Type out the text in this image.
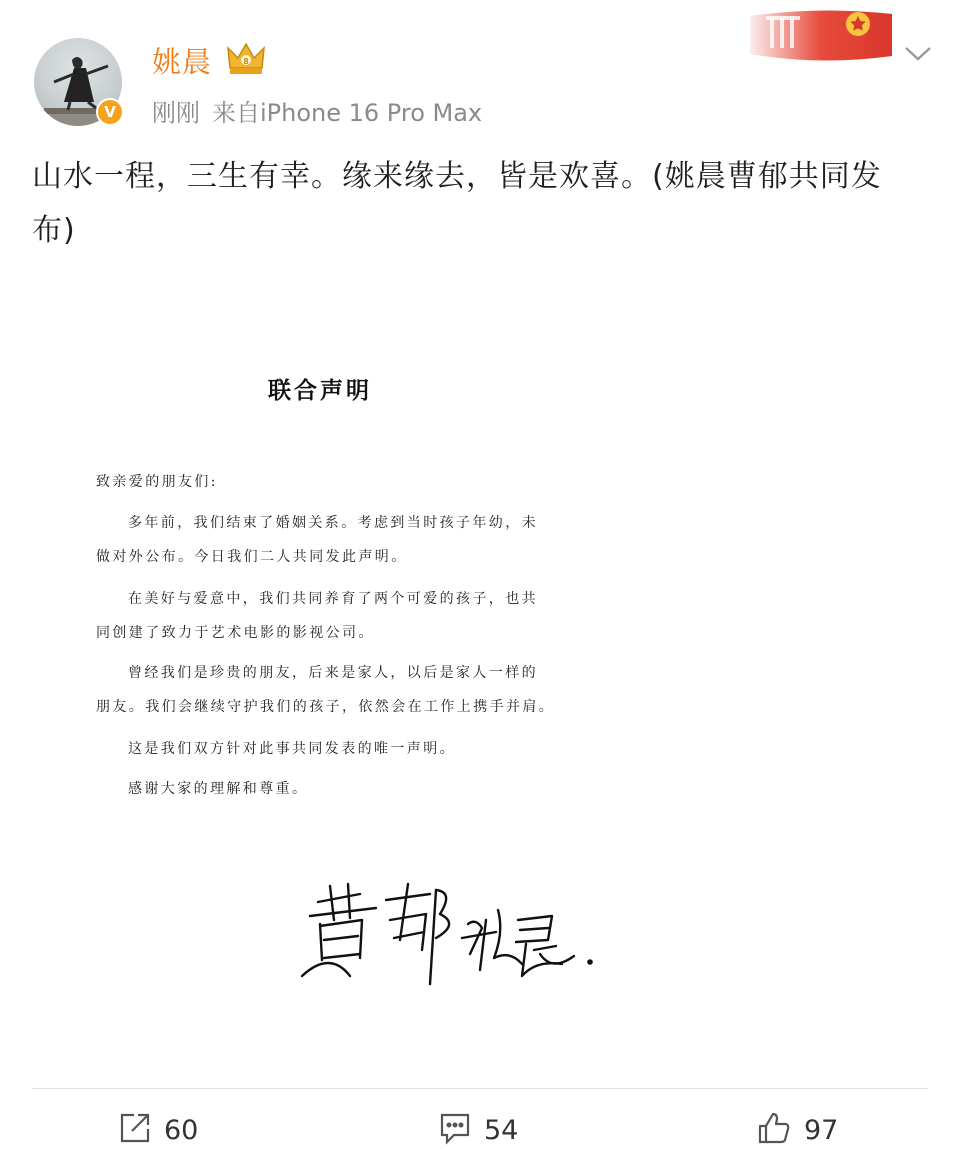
V
姚晨	8
刚刚 来自iPhone 16 Pro Max
山水一程，三生有幸。缘来缘去，皆是欢喜。(姚晨曹郁共同发布)
联合声明
致亲爱的朋友们:
多年前，我们结束了婚姻关系。考虑到当时孩子年幼，未
做对外公布。今日我们二人共同发此声明。
在美好与爱意中，我们共同养育了两个可爱的孩子，也共
同创建了致力于艺术电影的影视公司。
曾经我们是珍贵的朋友，后来是家人，以后是家人一样的
朋友。我们会继续守护我们的孩子，依然会在工作上携手并肩。
这是我们双方针对此事共同发表的唯一声明。
感谢大家的理解和尊重。
60	54	97
